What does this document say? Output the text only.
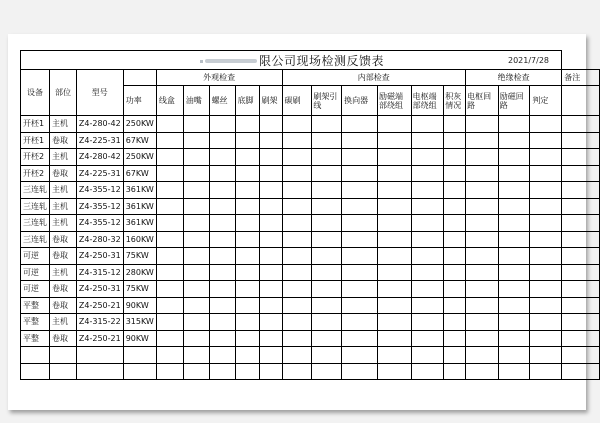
限公司现场检测反馈表	2021/7/28
设备	部位	型号		外观检查					内部检查						绝缘检查			备注
			功率	线盒	油嘴	螺丝	底脚	刷架	碳刷	刷架引线	换向器	励磁端部绕组	电枢端部绕组	积灰情况	电枢回路	励磁回路	判定	
开柸1	主机	Z4-280-42	250KW															
开柸1	卷取	Z4-225-31	67KW															
开柸2	主机	Z4-280-42	250KW															
开柸2	卷取	Z4-225-31	67KW															
三连轧	主机	Z4-355-12	361KW															
三连轧	主机	Z4-355-12	361KW															
三连轧	主机	Z4-355-12	361KW															
三连轧	卷取	Z4-280-32	160KW															
可逆	卷取	Z4-250-31	75KW															
可逆	主机	Z4-315-12	280KW															
可逆	卷取	Z4-250-31	75KW															
平整	卷取	Z4-250-21	90KW															
平整	主机	Z4-315-22	315KW															
平整	卷取	Z4-250-21	90KW															
